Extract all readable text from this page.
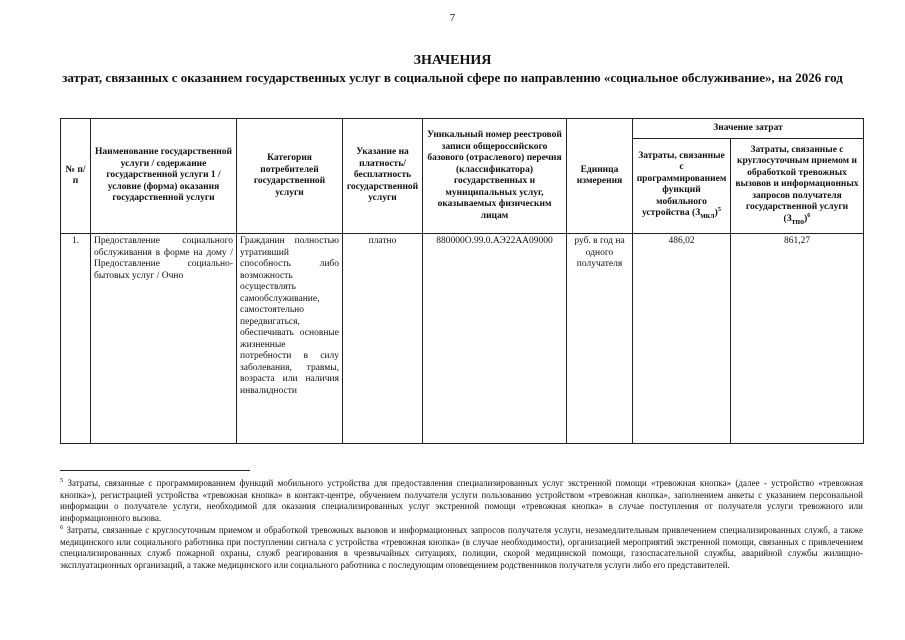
7
ЗНАЧЕНИЯ
затрат, связанных с оказанием государственных услуг в социальной сфере по направлению «социальное обслуживание», на 2026 год
№ п/п	Наименование государственной услуги / содержание государственной услуги 1 / условие (форма) оказания государственной услуги	Категория потребителей государственной услуги	Указание на платность/ бесплатность государственной услуги	Уникальный номер реестровой записи общероссийского базового (отраслевого) перечня (классификатора) государственных и муниципальных услуг, оказываемых физическим лицам	Единица измерения	Значение затрат	
						Затраты, связанные с программированием функций мобильного устройства $(З_{мкл})^5$	Затраты, связанные с круглосуточным приемом и обработкой тревожных вызовов и информационных запросов получателя государственной услуги $(З_{тпо})^6$
1.	Предоставление социального обслуживания в форме на дому / Предоставление социально-бытовых услуг / Очно	Гражданин полностью утративший способность либо возможность осуществлять самообслуживание, самостоятельно передвигаться, обеспечивать основные жизненные потребности в силу заболевания, травмы, возраста или наличия инвалидности	платно	880000О.99.0.АЭ22АА09000	руб. в год на одного получателя	486,02	861,27

$^5$ Затраты, связанные с программированием функций мобильного устройства для предоставления специализированных услуг экстренной помощи «тревожная кнопка» (далее - устройство «тревожная кнопка»), регистрацией устройства «тревожная кнопка» в контакт-центре, обучением получателя услуги пользованию устройством «тревожная кнопка», заполнением анкеты с указанием персональной информации о получателе услуги, необходимой для оказания специализированных услуг экстренной помощи «тревожная кнопка» в случае поступления от получателя услуги тревожного или информационного вызова.

$^6$ Затраты, связанные с круглосуточным приемом и обработкой тревожных вызовов и информационных запросов получателя услуги, незамедлительным привлечением специализированных служб, а также медицинского или социального работника при поступлении сигнала с устройства «тревожная кнопка» (в случае необходимости), организацией мероприятий экстренной помощи, связанных с привлечением специализированных служб пожарной охраны, служб реагирования в чрезвычайных ситуациях, полиции, скорой медицинской помощи, газоспасательной службы, аварийной службы жилищно-эксплуатационных организаций, а также медицинского или социального работника с последующим оповещением родственников получателя услуги либо его представителей.
